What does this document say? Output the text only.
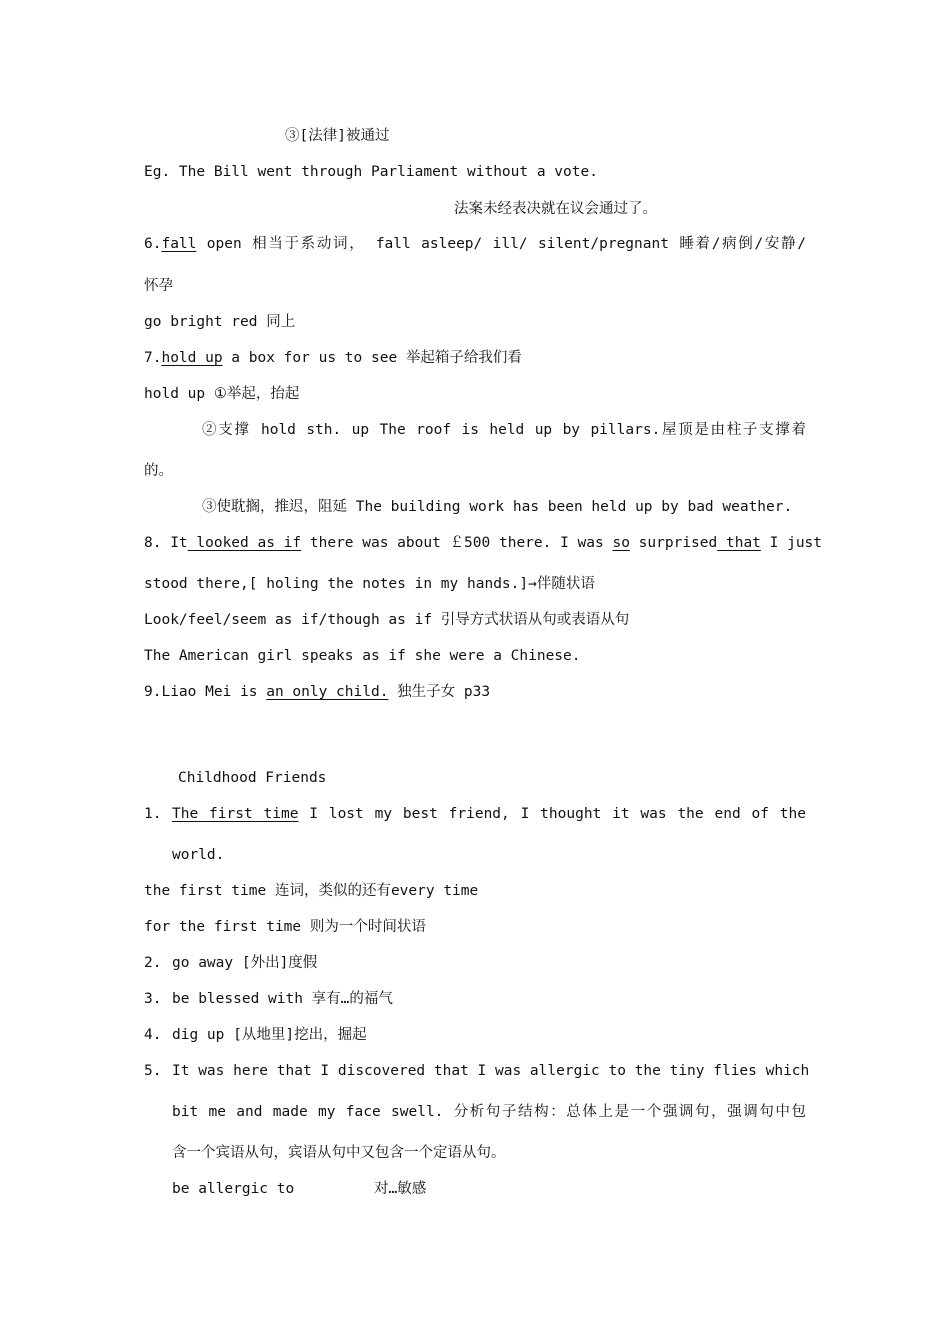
③[法律]被通过
Eg. The Bill went through Parliament without a vote.
法案未经表决就在议会通过了。
6.fall open 相当于系动词， fall asleep/ ill/ silent/pregnant 睡着/病倒/安静/
怀孕
go bright red 同上
7.hold up a box for us to see 举起箱子给我们看
hold up ①举起，抬起
②支撑 hold sth. up The roof is held up by pillars.屋顶是由柱子支撑着
的。
③使耽搁，推迟，阻延 The building work has been held up by bad weather.
8. It looked as if there was about ￡500 there. I was so surprised that I just
stood there,[ holing the notes in my hands.]→伴随状语
Look/feel/seem as if/though as if 引导方式状语从句或表语从句
The American girl speaks as if she were a Chinese.
9.Liao Mei is an only child. 独生子女 p33
Childhood Friends
1. The first time I lost my best friend, I thought it was the end of the
world.
the first time 连词，类似的还有every time
for the first time 则为一个时间状语
2. go away [外出]度假
3. be blessed with 享有…的福气
4. dig up [从地里]挖出，掘起
5. It was here that I discovered that I was allergic to the tiny flies which
bit me and made my face swell. 分析句子结构：总体上是一个强调句，强调句中包
含一个宾语从句，宾语从句中又包含一个定语从句。
be allergic to	对…敏感
